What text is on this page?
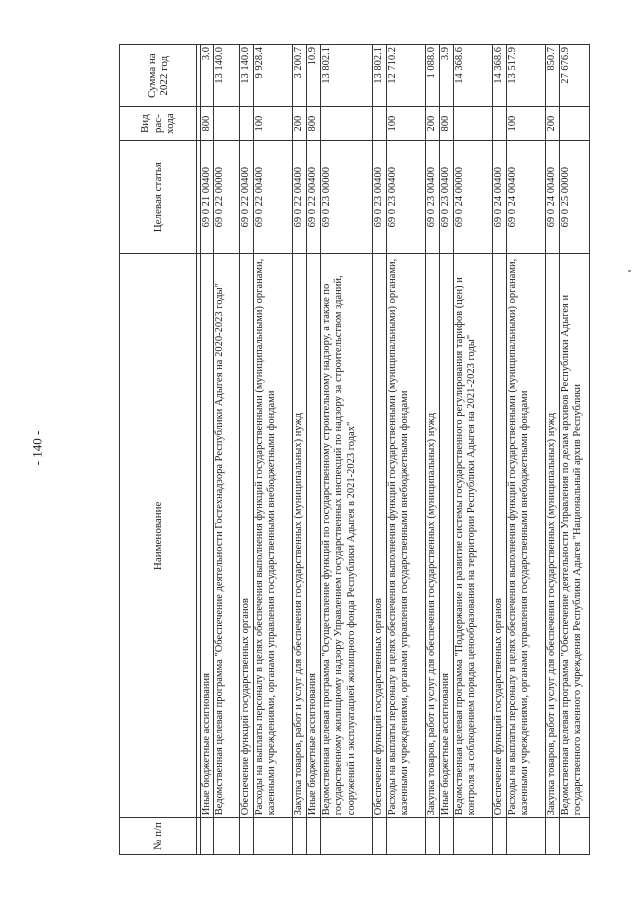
- 140 -
№ п/п	Наименование	Целевая статья	Вид рас-хода	Сумма на 2022 год

	Иные бюджетные ассигнования	69 0 21 00400	800	3.0
	Ведомственная целевая программа "Обеспечение деятельности Гостехнадзора Республики Адыгея на 2020-2023 годы"	69 0 22 00000		13 140.0
	Обеспечение функций государственных органов	69 0 22 00400		13 140.0
	Расходы на выплаты персоналу в целях обеспечения выполнения функций государственными (муниципальными) органами, казенными учреждениями, органами управления государственными внебюджетными фондами	69 0 22 00400	100	9 928.4
	Закупка товаров, работ и услуг для обеспечения государственных (муниципальных) нужд	69 0 22 00400	200	3 200.7
	Иные бюджетные ассигнования	69 0 22 00400	800	10.9
	Ведомственная целевая программа "Осуществление функций по государственному строительному надзору, а также по государственному жилищному надзору Управлением государственных инспекций по надзору за строительством зданий, сооружений и эксплуатацией жилищного фонда Республики Адыгея в 2021-2023 годах"	69 0 23 00000		13 802.1
	Обеспечение функций государственных органов	69 0 23 00400		13 802.1
	Расходы на выплаты персоналу в целях обеспечения выполнения функций государственными (муниципальными) органами, казенными учреждениями, органами управления государственными внебюджетными фондами	69 0 23 00400	100	12 710.2
	Закупка товаров, работ и услуг для обеспечения государственных (муниципальных) нужд	69 0 23 00400	200	1 088.0
	Иные бюджетные ассигнования	69 0 23 00400	800	3.9
	Ведомственная целевая программа "Поддержание и развитие системы государственного регулирования тарифов (цен) и контроля за соблюдением порядка ценообразования на территории Республики Адыгея на 2021-2023 годы"	69 0 24 00000		14 368.6
	Обеспечение функций государственных органов	69 0 24 00400		14 368.6
	Расходы на выплаты персоналу в целях обеспечения выполнения функций государственными (муниципальными) органами, казенными учреждениями, органами управления государственными внебюджетными фондами	69 0 24 00400	100	13 517.9
	Закупка товаров, работ и услуг для обеспечения государственных (муниципальных) нужд	69 0 24 00400	200	850.7
	Ведомственная целевая программа "Обеспечение деятельности Управления по делам архивов Республики Адыгея и государственного казенного учреждения Республики Адыгея "Национальный архив Республики	69 0 25 00000		27 676.9
